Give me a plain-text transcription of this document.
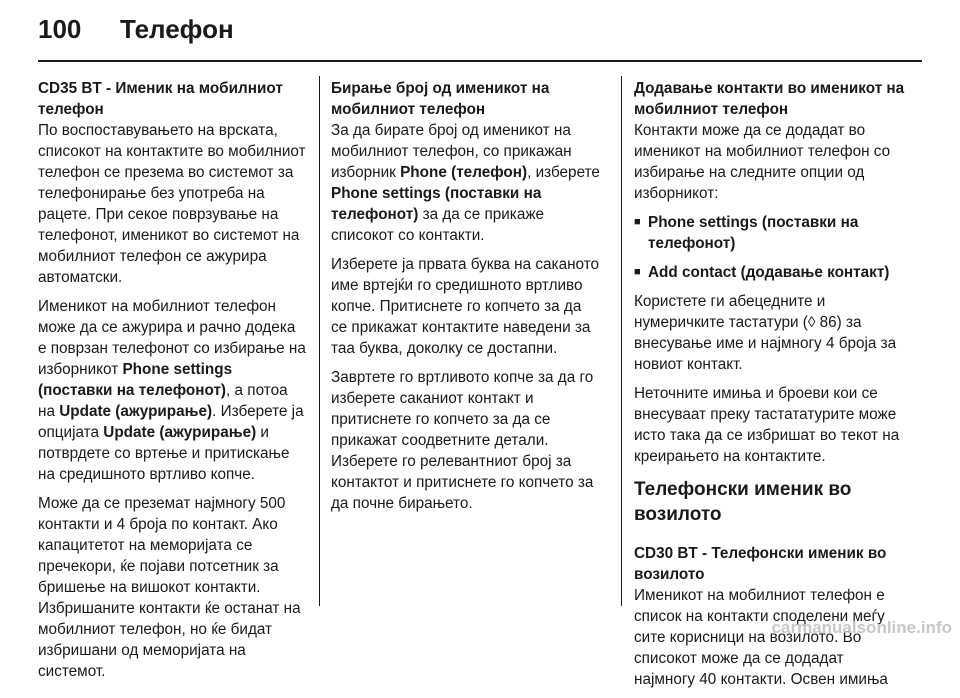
100	Телефон

CD35 BT - Именик на мобилниот телефон

По воспоставувањето на врската, списокот на контактите во мобилниот телефон се презема во системот за телефонирање без употреба на рацете. При секое поврзување на телефонот, именикот во системот на мобилниот телефон се ажурира автоматски.

Именикот на мобилниот телефон може да се ажурира и рачно додека е поврзан телефонот со избирање на изборникот Phone settings (поставки на телефонот), а потоа на Update (ажурирање). Изберете ја опцијата Update (ажурирање) и потврдете со вртење и притискање на средишното вртливо копче.

Може да се преземат најмногу 500 контакти и 4 броја по контакт. Ако капацитетот на меморијата се пречекори, ќе појави потсетник за бришење на вишокот контакти. Избришаните контакти ќе останат на мобилниот телефон, но ќе бидат избришани од меморијата на системот.

Бирање број од именикот на мобилниот телефон

За да бирате број од именикот на мобилниот телефон, со прикажан изборник Phone (телефон), изберете Phone settings (поставки на телефонот) за да се прикаже списокот со контакти.

Изберете ја првата буква на саканото име вртејќи го средишното вртливо копче. Притиснете го копчето за да се прикажат контактите наведени за таа буква, доколку се достапни.

Завртете го вртливото копче за да го изберете саканиот контакт и притиснете го копчето за да се прикажат соодветните детали. Изберете го релевантниот број за контактот и притиснете го копчето за да почне бирањето.

Додавање контакти во именикот на мобилниот телефон

Контакти може да се додадат во именикот на мобилниот телефон со избирање на следните опции од изборникот:

■ Phone settings (поставки на телефонот)
■ Add contact (додавање контакт)

Користете ги абецедните и нумеричките тастатури (◊ 86) за внесување име и најмногу 4 броја за новиот контакт.

Неточните имиња и броеви кои се внесуваат преку тастататурите може исто така да се избришат во текот на креирањето на контактите.

Телефонски именик во возилото

CD30 BT - Телефонски именик во возилото

Именикот на мобилниот телефон е список на контакти споделени меѓу сите корисници на возилото. Во списокот може да се додадат најмногу 40 контакти. Освен имиња

carmanualsonline.info
